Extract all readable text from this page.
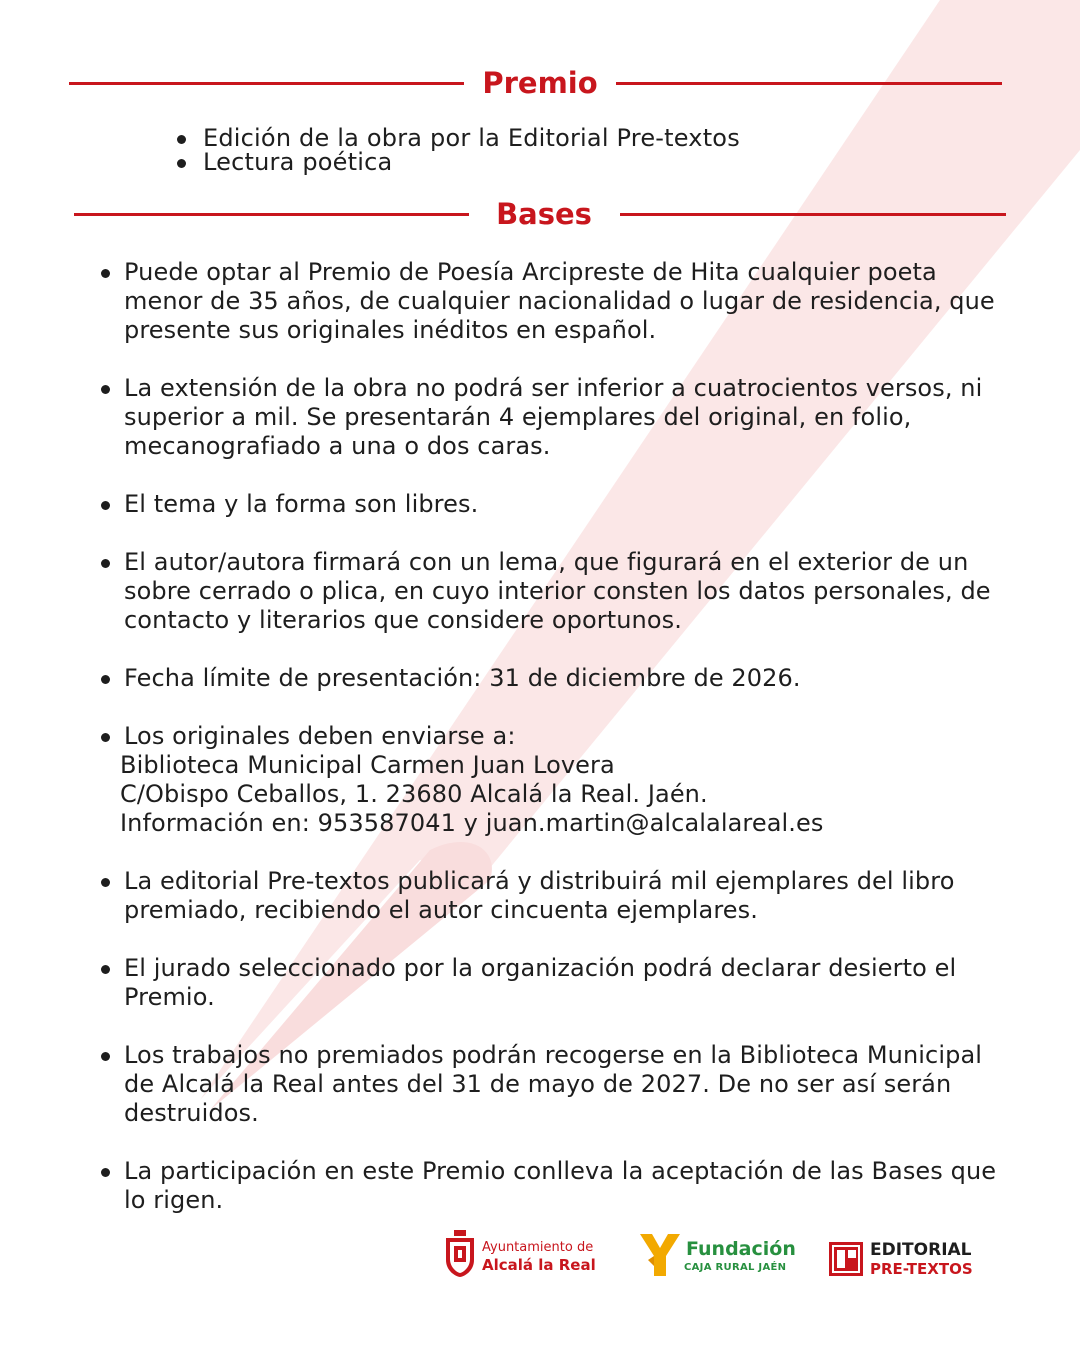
Premio
Edición de la obra por la Editorial Pre-textos
Lectura poética
Bases
Puede optar al Premio de Poesía Arcipreste de Hita cualquier poeta menor de 35 años, de cualquier nacionalidad o lugar de residencia, que presente sus originales inéditos en español.
La extensión de la obra no podrá ser inferior a cuatrocientos versos, ni superior a mil. Se presentarán 4 ejemplares del original, en folio, mecanografiado a una o dos caras.
El tema y la forma son libres.
El autor/autora firmará con un lema, que figurará en el exterior de un sobre cerrado o plica, en cuyo interior consten los datos personales, de contacto y literarios que considere oportunos.
Fecha límite de presentación: 31 de diciembre de 2026.
Los originales deben enviarse a:
Biblioteca Municipal Carmen Juan Lovera
C/Obispo Ceballos, 1. 23680 Alcalá la Real. Jaén.
Información en: 953587041 y juan.martin@alcalalareal.es
La editorial Pre-textos publicará y distribuirá mil ejemplares del libro premiado, recibiendo el autor cincuenta ejemplares.
El jurado seleccionado por la organización podrá declarar desierto el Premio.
Los trabajos no premiados podrán recogerse en la Biblioteca Municipal de Alcalá la Real antes del 31 de mayo de 2027. De no ser así serán destruidos.
La participación en este Premio conlleva la aceptación de las Bases que lo rigen.
Ayuntamiento de
Alcalá la Real
Fundación
CAJA RURAL JAÉN
EDITORIAL
PRE-TEXTOS
